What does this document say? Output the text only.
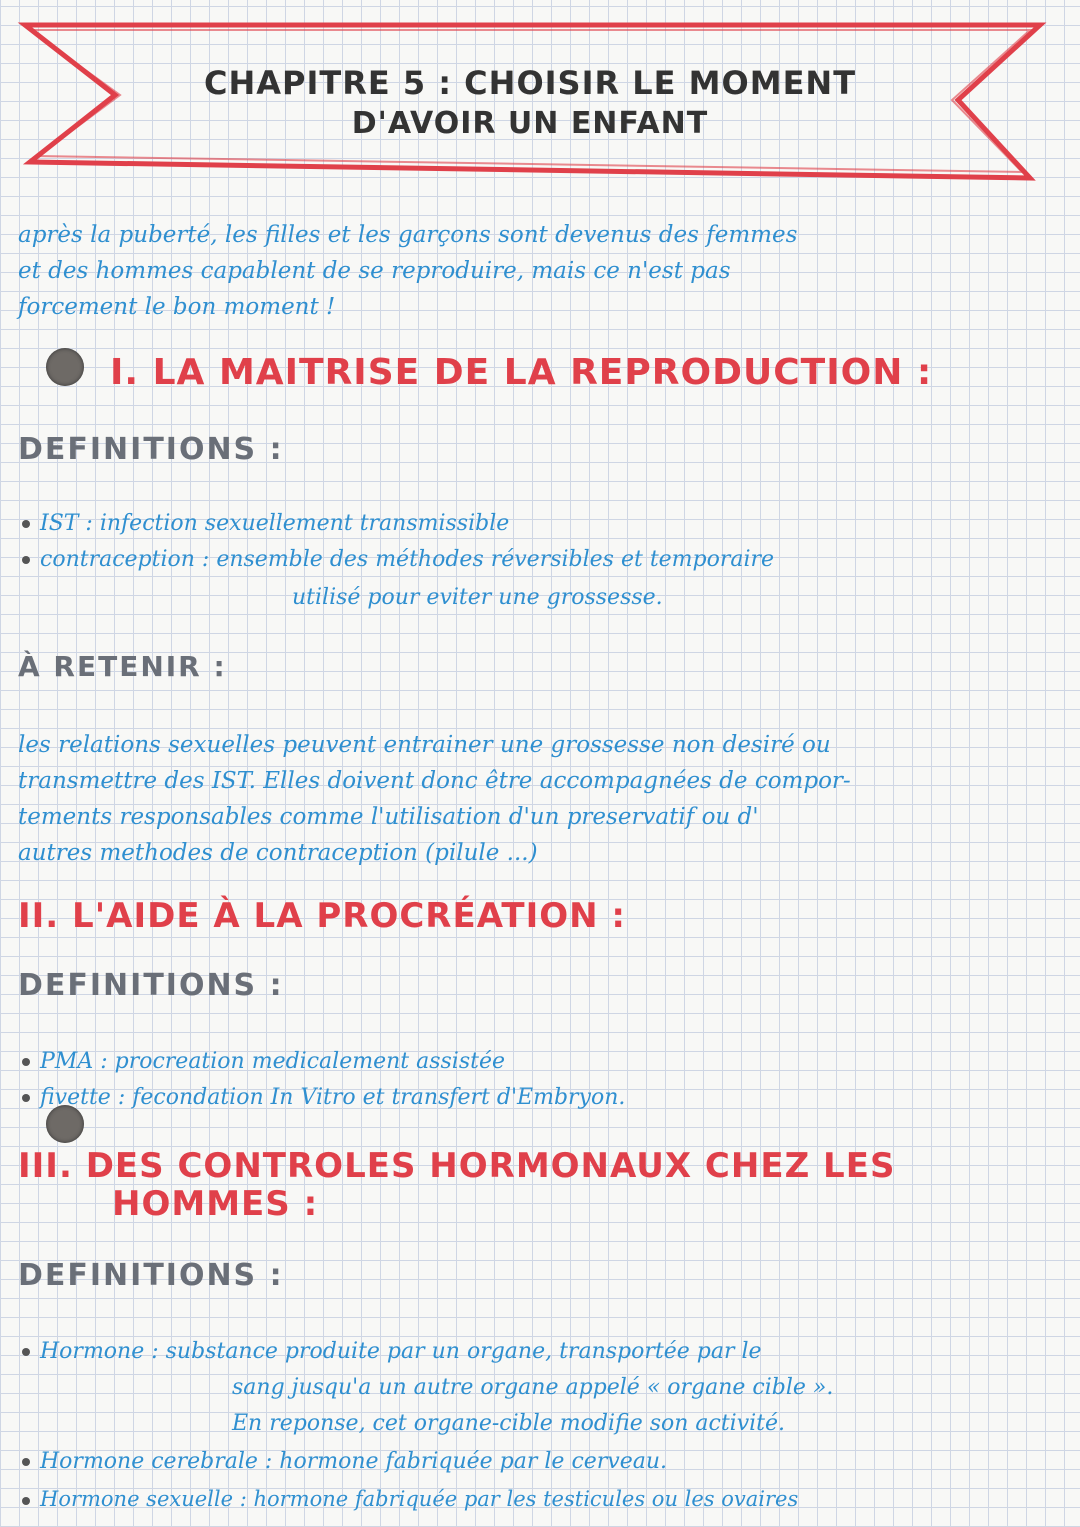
CHAPITRE 5 : CHOISIR LE MOMENT
D'AVOIR UN ENFANT
après la puberté, les filles et les garçons sont devenus des femmes
et des hommes capablent de se reproduire, mais ce n'est pas
forcement le bon moment !
I. LA MAITRISE DE LA REPRODUCTION :
DEFINITIONS :
IST : infection sexuellement transmissible
contraception : ensemble des méthodes réversibles et temporaire
utilisé pour eviter une grossesse.
À RETENIR :
les relations sexuelles peuvent entrainer une grossesse non desiré ou
transmettre des IST. Elles doivent donc être accompagnées de compor-
tements responsables comme l'utilisation d'un preservatif ou d'
autres methodes de contraception (pilule ...)
II. L'AIDE À LA PROCRÉATION :
DEFINITIONS :
PMA : procreation medicalement assistée
fivette : fecondation In Vitro et transfert d'Embryon.
III. DES CONTROLES HORMONAUX CHEZ LES
HOMMES :
DEFINITIONS :
Hormone : substance produite par un organe, transportée par le
sang jusqu'a un autre organe appelé « organe cible ».
En reponse, cet organe-cible modifie son activité.
Hormone cerebrale : hormone fabriquée par le cerveau.
Hormone sexuelle : hormone fabriquée par les testicules ou les ovaires
